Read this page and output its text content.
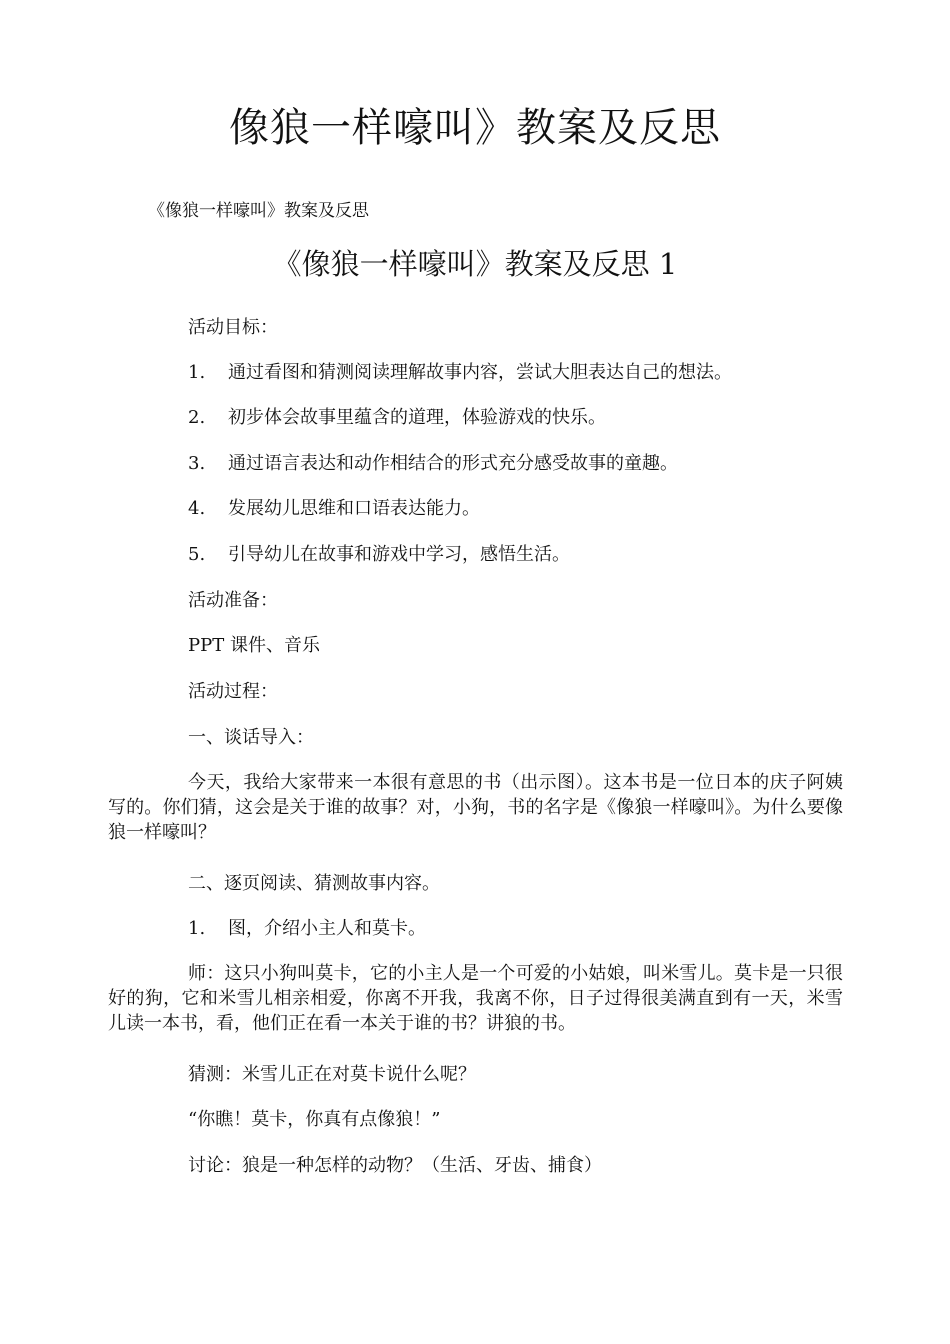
像狼一样嚎叫》教案及反思
《像狼一样嚎叫》教案及反思
《像狼一样嚎叫》教案及反思 1
活动目标：
1. 通过看图和猜测阅读理解故事内容，尝试大胆表达自己的想法。
2. 初步体会故事里蕴含的道理，体验游戏的快乐。
3. 通过语言表达和动作相结合的形式充分感受故事的童趣。
4. 发展幼儿思维和口语表达能力。
5. 引导幼儿在故事和游戏中学习，感悟生活。
活动准备：
PPT 课件、音乐
活动过程：
一、谈话导入：
今天，我给大家带来一本很有意思的书（出示图）。这本书是一位日本的庆子阿姨写的。你们猜，这会是关于谁的故事？对，小狗，书的名字是《像狼一样嚎叫》。为什么要像狼一样嚎叫？
二、逐页阅读、猜测故事内容。
1. 图，介绍小主人和莫卡。
师：这只小狗叫莫卡，它的小主人是一个可爱的小姑娘，叫米雪儿。莫卡是一只很好的狗，它和米雪儿相亲相爱，你离不开我，我离不你，日子过得很美满直到有一天，米雪儿读一本书，看，他们正在看一本关于谁的书？讲狼的书。
猜测：米雪儿正在对莫卡说什么呢？
“你瞧！莫卡，你真有点像狼！”
讨论：狼是一种怎样的动物？（生活、牙齿、捕食）
